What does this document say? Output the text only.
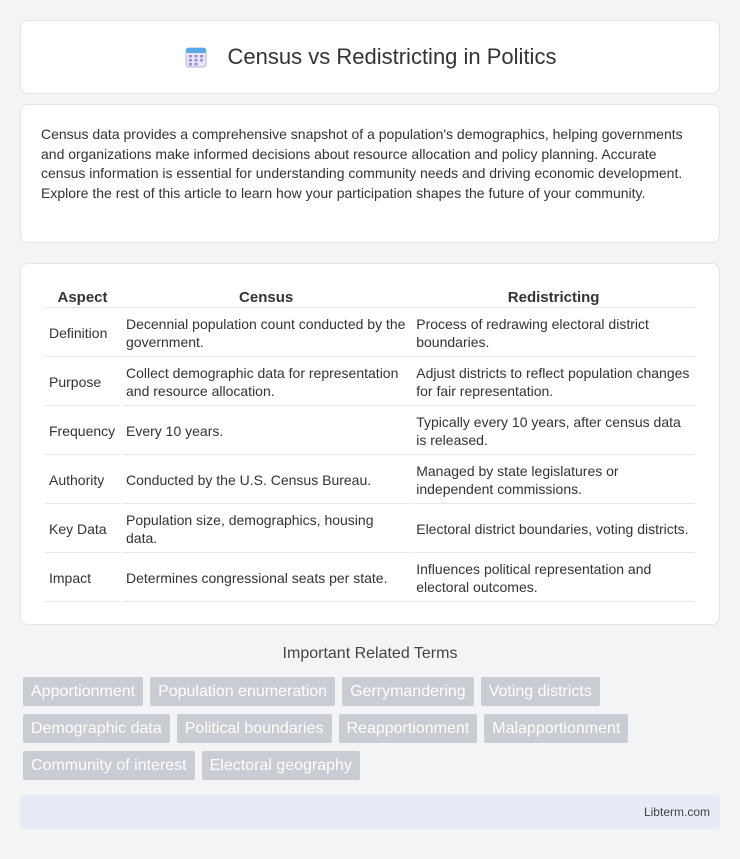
Census vs Redistricting in Politics

Census data provides a comprehensive snapshot of a population's demographics, helping governments and organizations make informed decisions about resource allocation and policy planning. Accurate census information is essential for understanding community needs and driving economic development. Explore the rest of this article to learn how your participation shapes the future of your community.

Aspect	Census	Redistricting
Definition	Decennial population count conducted by the government.	Process of redrawing electoral district boundaries.
Purpose	Collect demographic data for representation and resource allocation.	Adjust districts to reflect population changes for fair representation.
Frequency	Every 10 years.	Typically every 10 years, after census data is released.
Authority	Conducted by the U.S. Census Bureau.	Managed by state legislatures or independent commissions.
Key Data	Population size, demographics, housing data.	Electoral district boundaries, voting districts.
Impact	Determines congressional seats per state.	Influences political representation and electoral outcomes.
Important Related Terms
Apportionment	Population enumeration	Gerrymandering	Voting districts
Demographic data	Political boundaries	Reapportionment	Malapportionment
Community of interest	Electoral geography
Libterm.com
